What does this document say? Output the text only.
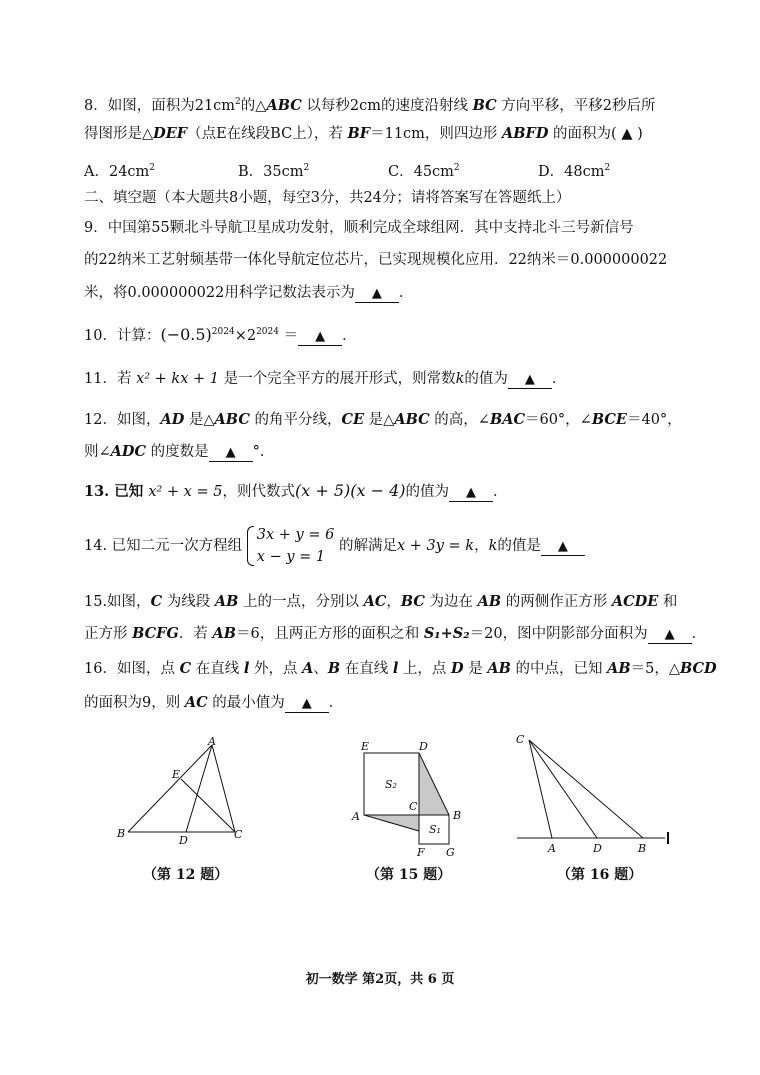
8．如图，面积为$21cm^2$的△ABC 以每秒2cm的速度沿射线 BC 方向平移，平移2秒后所
得图形是△DEF（点E在线段BC上），若 BF＝11cm，则四边形 ABFD 的面积为( ▲ )
A．$24cm^2$	B．$35cm^2$	C．$45cm^2$	D．$48cm^2$
二、填空题（本大题共8小题，每空3分，共24分；请将答案写在答题纸上）
9．中国第55颗北斗导航卫星成功发射，顺利完成全球组网．其中支持北斗三号新信号
的22纳米工艺射频基带一体化导航定位芯片，已实现规模化应用．22纳米＝0.000000022
米，将0.000000022用科学记数法表示为 ▲ ．
10．计算：$(-0.5)^{2024}\times 2^{2024}$ ＝ ▲ ．
11．若 x² + kx + 1 是一个完全平方的展开形式，则常数k的值为 ▲ ．
12．如图，AD 是△ABC 的角平分线，CE 是△ABC 的高，∠BAC＝60°，∠BCE＝40°，
则∠ADC 的度数是 ▲ °．
13. 已知 x² + x = 5，则代数式(x + 5)(x − 4)的值为 ▲ ．
14. 已知二元一次方程组
3x + y = 6
x − y = 1
的解满足x + 3y = k，k的值是 ▲
15.如图，C 为线段 AB 上的一点，分别以 AC，BC 为边在 AB 的两侧作正方形 ACDE 和
正方形 BCFG．若 AB＝6，且两正方形的面积之和 S₁+S₂＝20，图中阴影部分面积为 ▲ ．
16．如图，点 C 在直线 l 外，点 A、B 在直线 l 上，点 D 是 AB 的中点，已知 AB＝5，△BCD
的面积为9，则 AC 的最小值为 ▲ ．
A
B	C
D
E
（第 12 题）
E	D
A
C
B
S₁
S₂
F G
（第 15 题）
C
A	D	B
（第 16 题）
初一数学 第2页，共 6 页
